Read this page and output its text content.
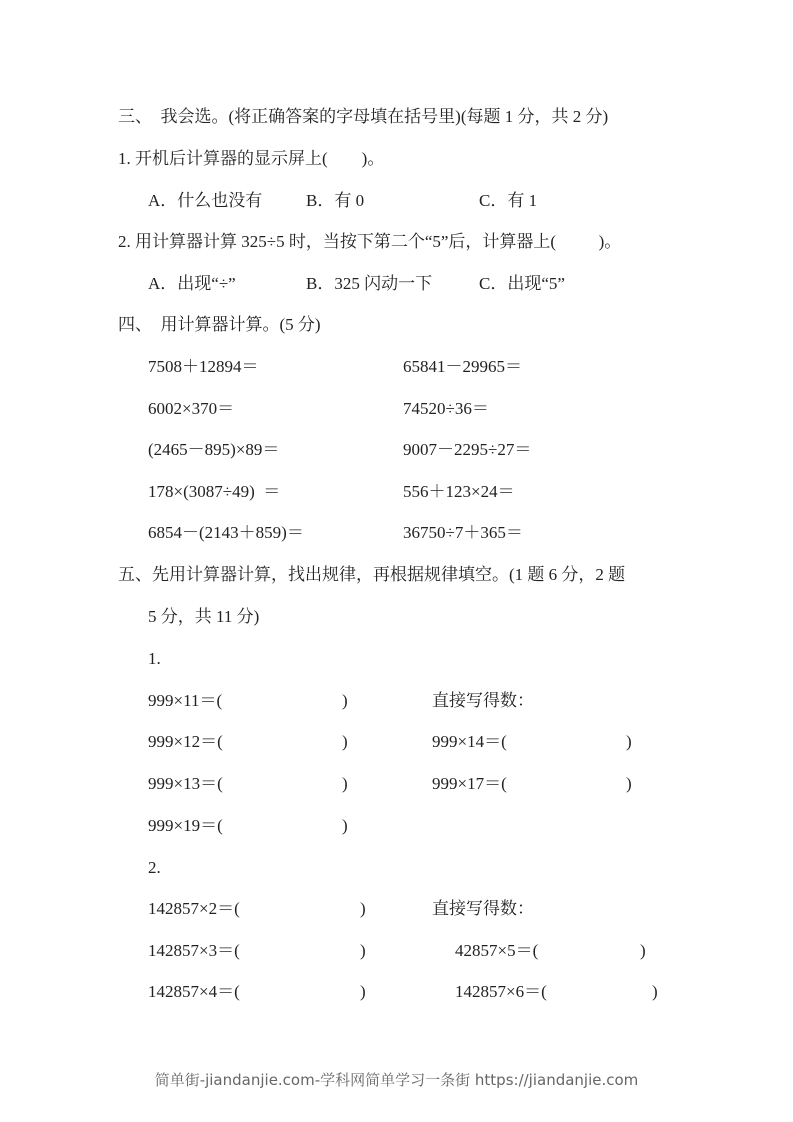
三、  我会选。(将正确答案的字母填在括号里)(每题 1 分，共 2 分)
1. 开机后计算器的显示屏上(        )。
A．什么也没有	B．有 0	C．有 1
2. 用计算器计算 325÷5 时，当按下第二个“5”后，计算器上(          )。
A．出现“÷”	B．325 闪动一下	C．出现“5”
四、  用计算器计算。(5 分)
7508＋12894＝	65841－29965＝
6002×370＝	74520÷36＝
(2465－895)×89＝	9007－2295÷27＝
178×(3087÷49)  ＝	556＋123×24＝
6854－(2143＋859)＝	36750÷7＋365＝
五、先用计算器计算，找出规律，再根据规律填空。(1 题 6 分，2 题
5 分，共 11 分)
1.
999×11＝(	)	直接写得数：
999×12＝(	)	999×14＝(	)
999×13＝(	)	999×17＝(	)
999×19＝(	)
2.
142857×2＝(	)	直接写得数：
142857×3＝(	)	42857×5＝(	)
142857×4＝(	)	142857×6＝(	)
简单街-jiandanjie.com-学科网简单学习一条街 https://jiandanjie.com
